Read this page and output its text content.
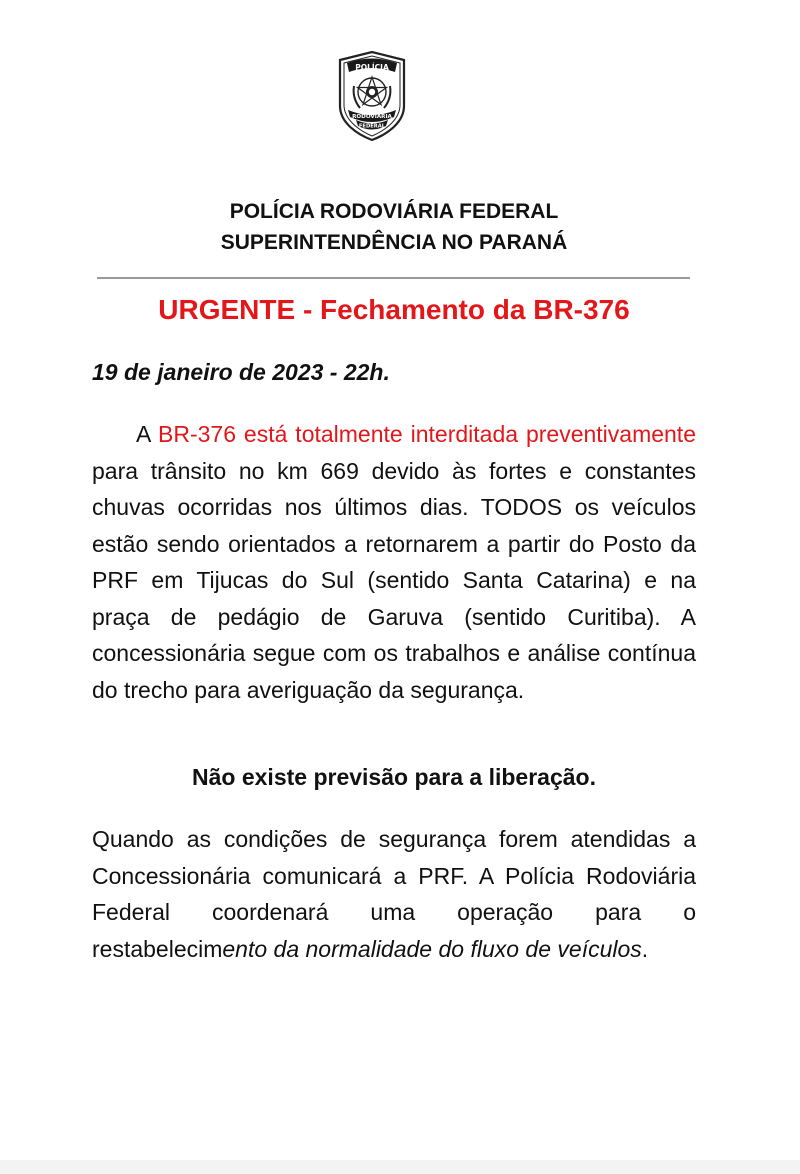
POLÍCIA
RODOVIÁRIA
FEDERAL
POLÍCIA RODOVIÁRIA FEDERAL
SUPERINTENDÊNCIA NO PARANÁ
URGENTE - Fechamento da BR-376
19 de janeiro de 2023 - 22h.
A BR-376 está totalmente interditada preventivamente para trânsito no km 669 devido às fortes e constantes chuvas ocorridas nos últimos dias. TODOS os veículos estão sendo orientados a retornarem a partir do Posto da PRF em Tijucas do Sul (sentido Santa Catarina) e na praça de pedágio de Garuva (sentido Curitiba). A concessionária segue com os trabalhos e análise contínua do trecho para averiguação da segurança.
Não existe previsão para a liberação.
Quando as condições de segurança forem atendidas a Concessionária comunicará a PRF. A Polícia Rodoviária Federal coordenará uma operação para o restabelecimento da normalidade do fluxo de veículos.
